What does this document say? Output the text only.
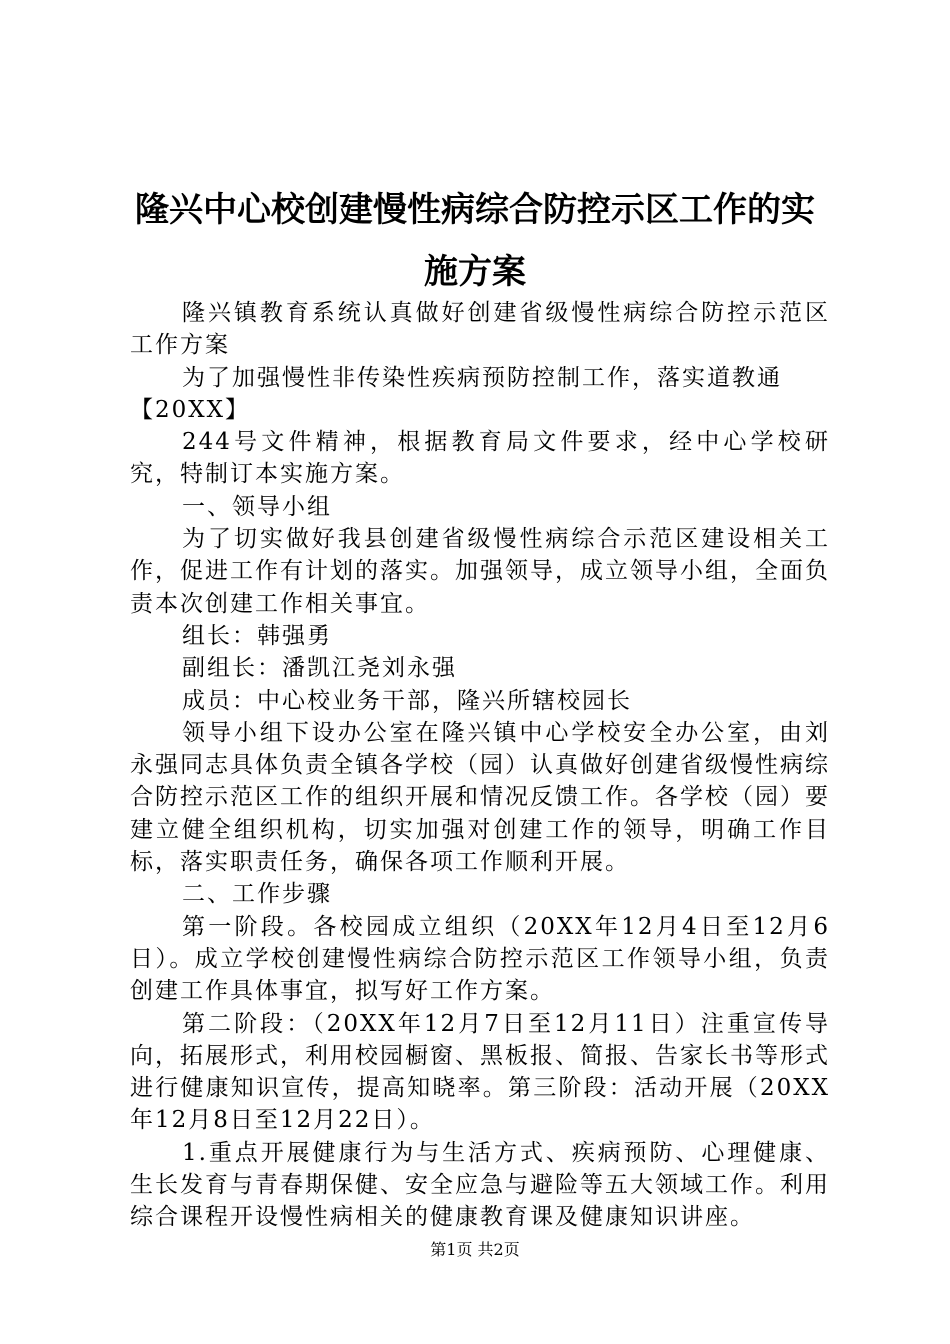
隆兴中心校创建慢性病综合防控示区工作的实
施方案

隆兴镇教育系统认真做好创建省级慢性病综合防控示范区工作方案

为了加强慢性非传染性疾病预防控制工作，落实道教通

【20XX】

244号文件精神，根据教育局文件要求，经中心学校研究，特制订本实施方案。

一、领导小组

为了切实做好我县创建省级慢性病综合示范区建设相关工作，促进工作有计划的落实。加强领导，成立领导小组，全面负责本次创建工作相关事宜。

组长：韩强勇

副组长：潘凯江尧刘永强

成员：中心校业务干部，隆兴所辖校园长

领导小组下设办公室在隆兴镇中心学校安全办公室，由刘永强同志具体负责全镇各学校（园）认真做好创建省级慢性病综合防控示范区工作的组织开展和情况反馈工作。各学校（园）要建立健全组织机构，切实加强对创建工作的领导，明确工作目标，落实职责任务，确保各项工作顺利开展。

二、工作步骤

第一阶段。各校园成立组织（20XX年12月4日至12月6日）。成立学校创建慢性病综合防控示范区工作领导小组，负责创建工作具体事宜，拟写好工作方案。

第二阶段：（20XX年12月7日至12月11日）注重宣传导向，拓展形式，利用校园橱窗、黑板报、简报、告家长书等形式进行健康知识宣传，提高知晓率。第三阶段：活动开展（20XX年12月8日至12月22日）。

1.重点开展健康行为与生活方式、疾病预防、心理健康、生长发育与青春期保健、安全应急与避险等五大领域工作。利用综合课程开设慢性病相关的健康教育课及健康知识讲座。

第1页 共2页
